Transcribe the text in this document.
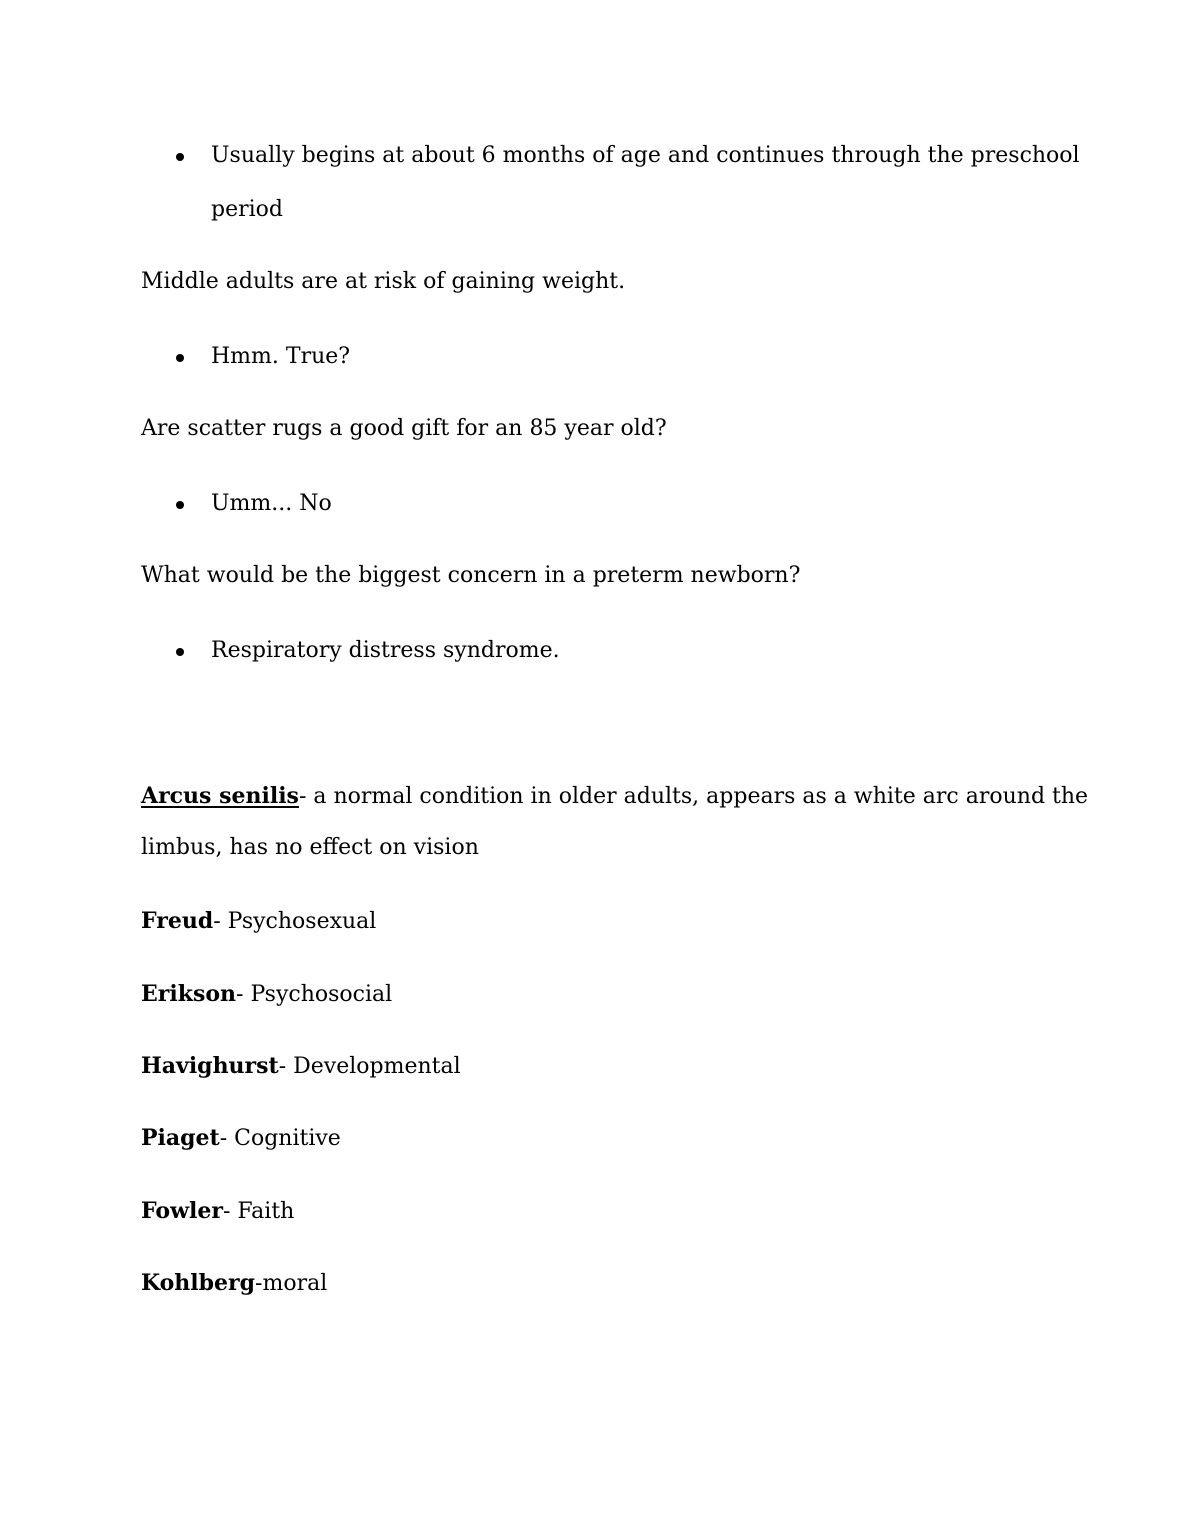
Usually begins at about 6 months of age and continues through the preschool
period
Middle adults are at risk of gaining weight.
Hmm. True?
Are scatter rugs a good gift for an 85 year old?
Umm... No
What would be the biggest concern in a preterm newborn?
Respiratory distress syndrome.
Arcus senilis- a normal condition in older adults, appears as a white arc around the
limbus, has no effect on vision
Freud- Psychosexual
Erikson- Psychosocial
Havighurst- Developmental
Piaget- Cognitive
Fowler- Faith
Kohlberg-moral
